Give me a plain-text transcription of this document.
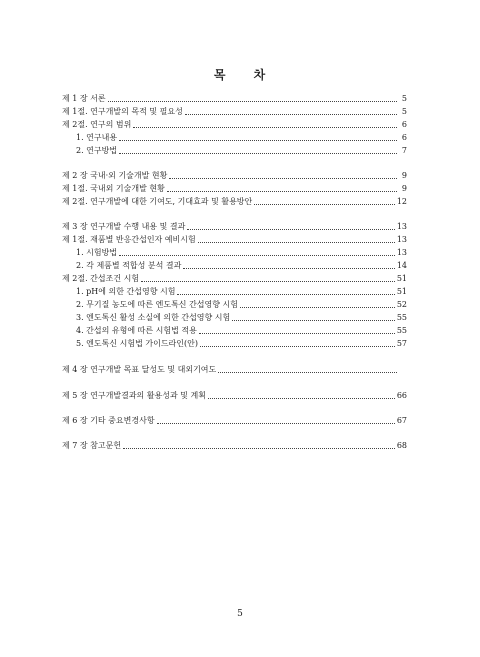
목 차
제 1 장 서론	5
제 1절. 연구개발의 목적 및 필요성	5
제 2절. 연구의 범위	6
1. 연구내용	6
2. 연구방법	7
제 2 장 국내·외 기술개발 현황	9
제 1절. 국내외 기술개발 현황	9
제 2절. 연구개발에 대한 기여도, 기대효과 및 활용방안	12
제 3 장 연구개발 수행 내용 및 결과	13
제 1절. 재품별 반응간섭인자 예비시험	13
1. 시험방법	13
2. 각 제품별 적합성 분석 결과	14
제 2절. 간섭조건 시험	51
1. pH에 의한 간섭영향 시험	51
2. 무기질 농도에 따른 엔도톡신 간섭영향 시험	52
3. 엔도톡신 활성 소실에 의한 간섭영향 시험	55
4. 간섭의 유형에 따른 시험법 적용	55
5. 엔도톡신 시험법 가이드라인(안)	57
제 4 장 연구개발 목표 달성도 및 대외기여도
제 5 장 연구개발결과의 활용성과 및 계획	66
제 6 장 기타 중요변경사항	67
제 7 장 참고문헌	68
5
